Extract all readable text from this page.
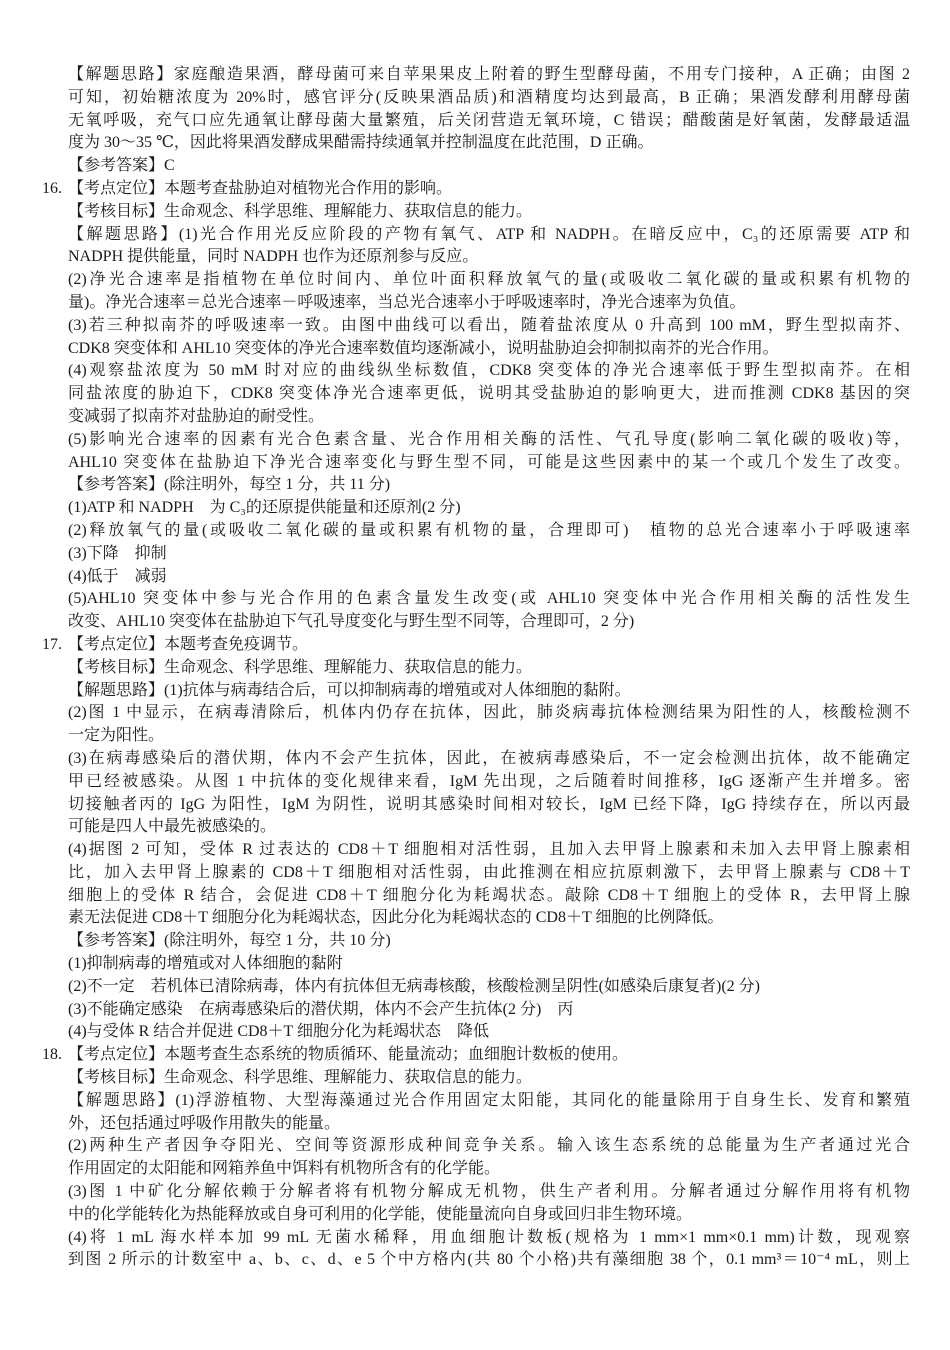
【解题思路】家庭酿造果酒，酵母菌可来自苹果果皮上附着的野生型酵母菌，不用专门接种，A 正确；由图 2
可知，初始糖浓度为 20%时，感官评分(反映果酒品质)和酒精度均达到最高，B 正确；果酒发酵利用酵母菌
无氧呼吸，充气口应先通氧让酵母菌大量繁殖，后关闭营造无氧环境，C 错误；醋酸菌是好氧菌，发酵最适温
度为 30～35 ℃，因此将果酒发酵成果醋需持续通氧并控制温度在此范围，D 正确。
【参考答案】C
16. 【考点定位】本题考查盐胁迫对植物光合作用的影响。
【考核目标】生命观念、科学思维、理解能力、获取信息的能力。
【解题思路】(1)光合作用光反应阶段的产物有氧气、ATP 和 NADPH。在暗反应中，C₃的还原需要 ATP 和
NADPH 提供能量，同时 NADPH 也作为还原剂参与反应。
(2)净光合速率是指植物在单位时间内、单位叶面积释放氧气的量(或吸收二氧化碳的量或积累有机物的
量)。净光合速率＝总光合速率－呼吸速率，当总光合速率小于呼吸速率时，净光合速率为负值。
(3)若三种拟南芥的呼吸速率一致。由图中曲线可以看出，随着盐浓度从 0 升高到 100 mM，野生型拟南芥、
CDK8 突变体和 AHL10 突变体的净光合速率数值均逐渐减小，说明盐胁迫会抑制拟南芥的光合作用。
(4)观察盐浓度为 50 mM 时对应的曲线纵坐标数值，CDK8 突变体的净光合速率低于野生型拟南芥。在相
同盐浓度的胁迫下，CDK8 突变体净光合速率更低，说明其受盐胁迫的影响更大，进而推测 CDK8 基因的突
变减弱了拟南芥对盐胁迫的耐受性。
(5)影响光合速率的因素有光合色素含量、光合作用相关酶的活性、气孔导度(影响二氧化碳的吸收)等，
AHL10 突变体在盐胁迫下净光合速率变化与野生型不同，可能是这些因素中的某一个或几个发生了改变。
【参考答案】(除注明外，每空 1 分，共 11 分)
(1)ATP 和 NADPH　为 C₃的还原提供能量和还原剂(2 分)
(2)释放氧气的量(或吸收二氧化碳的量或积累有机物的量，合理即可)　植物的总光合速率小于呼吸速率
(3)下降　抑制
(4)低于　减弱
(5)AHL10 突变体中参与光合作用的色素含量发生改变(或 AHL10 突变体中光合作用相关酶的活性发生
改变、AHL10 突变体在盐胁迫下气孔导度变化与野生型不同等，合理即可，2 分)
17. 【考点定位】本题考查免疫调节。
【考核目标】生命观念、科学思维、理解能力、获取信息的能力。
【解题思路】(1)抗体与病毒结合后，可以抑制病毒的增殖或对人体细胞的黏附。
(2)图 1 中显示，在病毒清除后，机体内仍存在抗体，因此，肺炎病毒抗体检测结果为阳性的人，核酸检测不
一定为阳性。
(3)在病毒感染后的潜伏期，体内不会产生抗体，因此，在被病毒感染后，不一定会检测出抗体，故不能确定
甲已经被感染。从图 1 中抗体的变化规律来看，IgM 先出现，之后随着时间推移，IgG 逐渐产生并增多。密
切接触者丙的 IgG 为阳性，IgM 为阴性，说明其感染时间相对较长，IgM 已经下降，IgG 持续存在，所以丙最
可能是四人中最先被感染的。
(4)据图 2 可知，受体 R 过表达的 CD8＋T 细胞相对活性弱，且加入去甲肾上腺素和未加入去甲肾上腺素相
比，加入去甲肾上腺素的 CD8＋T 细胞相对活性弱，由此推测在相应抗原刺激下，去甲肾上腺素与 CD8＋T
细胞上的受体 R 结合，会促进 CD8＋T 细胞分化为耗竭状态。敲除 CD8＋T 细胞上的受体 R，去甲肾上腺
素无法促进 CD8＋T 细胞分化为耗竭状态，因此分化为耗竭状态的 CD8＋T 细胞的比例降低。
【参考答案】(除注明外，每空 1 分，共 10 分)
(1)抑制病毒的增殖或对人体细胞的黏附
(2)不一定　若机体已清除病毒，体内有抗体但无病毒核酸，核酸检测呈阴性(如感染后康复者)(2 分)
(3)不能确定感染　在病毒感染后的潜伏期，体内不会产生抗体(2 分)　丙
(4)与受体 R 结合并促进 CD8＋T 细胞分化为耗竭状态　降低
18. 【考点定位】本题考查生态系统的物质循环、能量流动；血细胞计数板的使用。
【考核目标】生命观念、科学思维、理解能力、获取信息的能力。
【解题思路】(1)浮游植物、大型海藻通过光合作用固定太阳能，其同化的能量除用于自身生长、发育和繁殖
外，还包括通过呼吸作用散失的能量。
(2)两种生产者因争夺阳光、空间等资源形成种间竞争关系。输入该生态系统的总能量为生产者通过光合
作用固定的太阳能和网箱养鱼中饵料有机物所含有的化学能。
(3)图 1 中矿化分解依赖于分解者将有机物分解成无机物，供生产者利用。分解者通过分解作用将有机物
中的化学能转化为热能释放或自身可利用的化学能，使能量流向自身或回归非生物环境。
(4)将 1 mL 海水样本加 99 mL 无菌水稀释，用血细胞计数板(规格为 1 mm×1 mm×0.1 mm)计数，现观察
到图 2 所示的计数室中 a、b、c、d、e 5 个中方格内(共 80 个小格)共有藻细胞 38 个，0.1 mm³＝10⁻⁴ mL，则上
